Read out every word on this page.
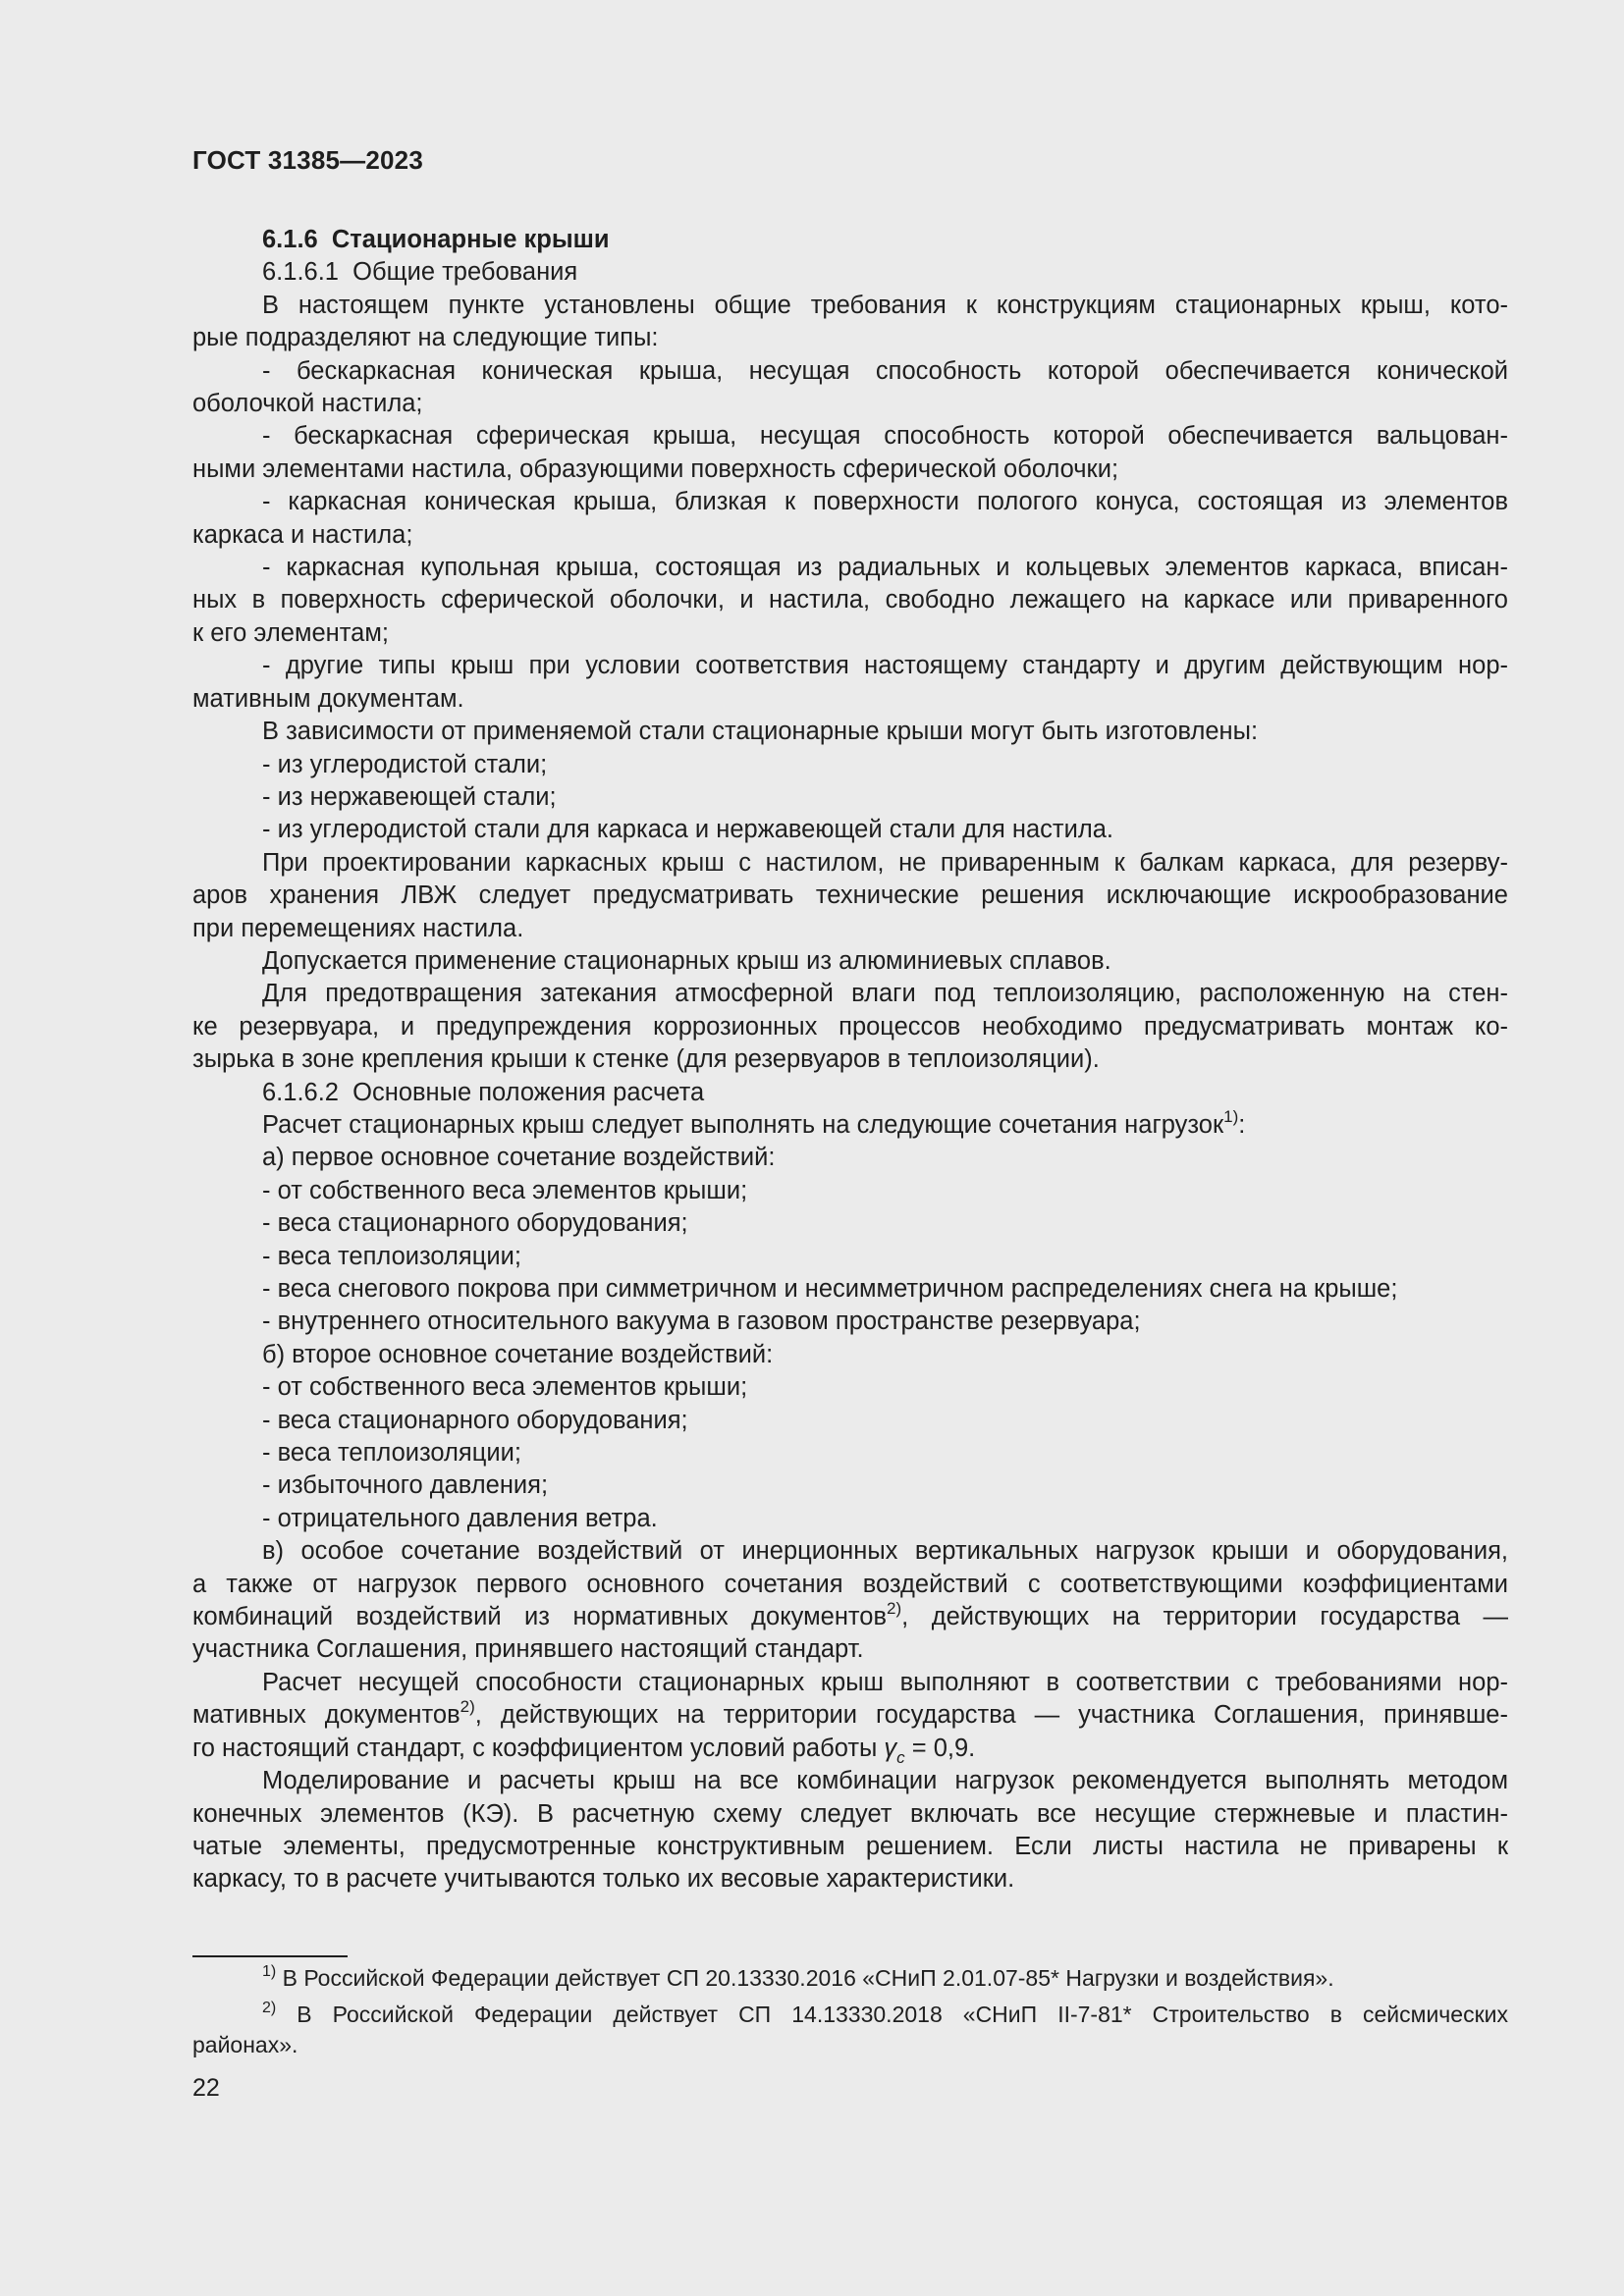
ГОСТ 31385—2023

6.1.6 Стационарные крыши

6.1.6.1 Общие требования

В настоящем пункте установлены общие требования к конструкциям стационарных крыш, кото-

рые подразделяют на следующие типы:

- бескаркасная коническая крыша, несущая способность которой обеспечивается конической

оболочкой настила;

- бескаркасная сферическая крыша, несущая способность которой обеспечивается вальцован-

ными элементами настила, образующими поверхность сферической оболочки;

- каркасная коническая крыша, близкая к поверхности пологого конуса, состоящая из элементов

каркаса и настила;

- каркасная купольная крыша, состоящая из радиальных и кольцевых элементов каркаса, вписан-

ных в поверхность сферической оболочки, и настила, свободно лежащего на каркасе или приваренного

к его элементам;

- другие типы крыш при условии соответствия настоящему стандарту и другим действующим нор-

мативным документам.

В зависимости от применяемой стали стационарные крыши могут быть изготовлены:

- из углеродистой стали;

- из нержавеющей стали;

- из углеродистой стали для каркаса и нержавеющей стали для настила.

При проектировании каркасных крыш с настилом, не приваренным к балкам каркаса, для резерву-

аров хранения ЛВЖ следует предусматривать технические решения исключающие искрообразование

при перемещениях настила.

Допускается применение стационарных крыш из алюминиевых сплавов.

Для предотвращения затекания атмосферной влаги под теплоизоляцию, расположенную на стен-

ке резервуара, и предупреждения коррозионных процессов необходимо предусматривать монтаж ко-

зырька в зоне крепления крыши к стенке (для резервуаров в теплоизоляции).

6.1.6.2 Основные положения расчета

Расчет стационарных крыш следует выполнять на следующие сочетания нагрузок$^{1)}$:

а) первое основное сочетание воздействий:

- от собственного веса элементов крыши;

- веса стационарного оборудования;

- веса теплоизоляции;

- веса снегового покрова при симметричном и несимметричном распределениях снега на крыше;

- внутреннего относительного вакуума в газовом пространстве резервуара;

б) второе основное сочетание воздействий:

- от собственного веса элементов крыши;

- веса стационарного оборудования;

- веса теплоизоляции;

- избыточного давления;

- отрицательного давления ветра.

в) особое сочетание воздействий от инерционных вертикальных нагрузок крыши и оборудования,

а также от нагрузок первого основного сочетания воздействий с соответствующими коэффициентами

комбинаций воздействий из нормативных документов$^{2)}$, действующих на территории государства —

участника Соглашения, принявшего настоящий стандарт.

Расчет несущей способности стационарных крыш выполняют в соответствии с требованиями нор-

мативных документов$^{2)}$, действующих на территории государства — участника Соглашения, принявше-

го настоящий стандарт, с коэффициентом условий работы $\gamma_c = 0,9$.

Моделирование и расчеты крыш на все комбинации нагрузок рекомендуется выполнять методом

конечных элементов (КЭ). В расчетную схему следует включать все несущие стержневые и пластин-

чатые элементы, предусмотренные конструктивным решением. Если листы настила не приварены к

каркасу, то в расчете учитываются только их весовые характеристики.

$^{1)}$ В Российской Федерации действует СП 20.13330.2016 «СНиП 2.01.07-85* Нагрузки и воздействия».

$^{2)}$ В Российской Федерации действует СП 14.13330.2018 «СНиП II-7-81* Строительство в сейсмических
районах».

22
